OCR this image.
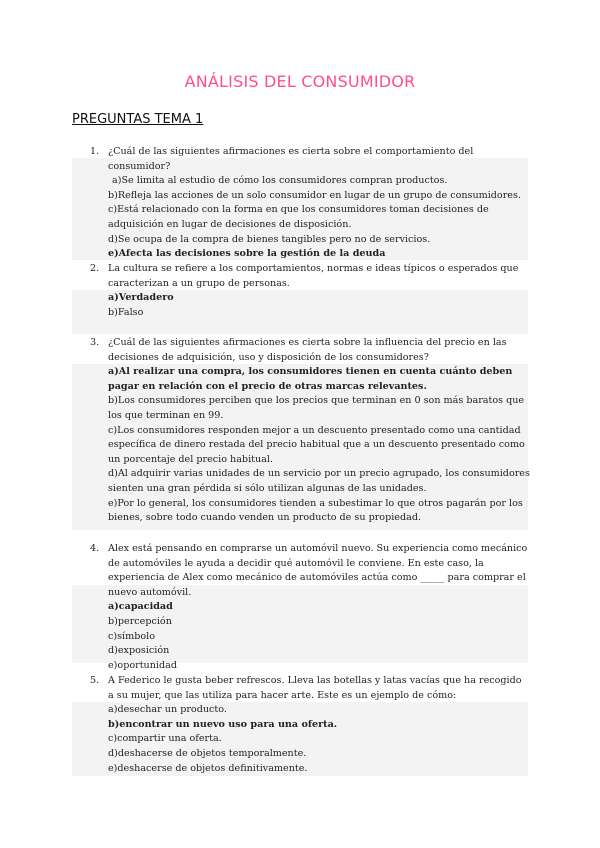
ANÁLISIS DEL CONSUMIDOR
PREGUNTAS TEMA 1
1. ¿Cuál de las siguientes afirmaciones es cierta sobre el comportamiento del consumidor?
a)Se limita al estudio de cómo los consumidores compran productos.
b)Refleja las acciones de un solo consumidor en lugar de un grupo de consumidores.
c)Está relacionado con la forma en que los consumidores toman decisiones de adquisición en lugar de decisiones de disposición.
d)Se ocupa de la compra de bienes tangibles pero no de servicios.
e)Afecta las decisiones sobre la gestión de la deuda
2. La cultura se refiere a los comportamientos, normas e ideas típicos o esperados que caracterizan a un grupo de personas.
a)Verdadero
b)Falso
3. ¿Cuál de las siguientes afirmaciones es cierta sobre la influencia del precio en las decisiones de adquisición, uso y disposición de los consumidores?
a)Al realizar una compra, los consumidores tienen en cuenta cuánto deben pagar en relación con el precio de otras marcas relevantes.
b)Los consumidores perciben que los precios que terminan en 0 son más baratos que los que terminan en 99.
c)Los consumidores responden mejor a un descuento presentado como una cantidad específica de dinero restada del precio habitual que a un descuento presentado como un porcentaje del precio habitual.
d)Al adquirir varias unidades de un servicio por un precio agrupado, los consumidores sienten una gran pérdida si sólo utilizan algunas de las unidades.
e)Por lo general, los consumidores tienden a subestimar lo que otros pagarán por los bienes, sobre todo cuando venden un producto de su propiedad.
4. Alex está pensando en comprarse un automóvil nuevo. Su experiencia como mecánico de automóviles le ayuda a decidir qué automóvil le conviene. En este caso, la experiencia de Alex como mecánico de automóviles actúa como _____ para comprar el nuevo automóvil.
a)capacidad
b)percepción
c)símbolo
d)exposición
e)oportunidad
5. A Federico le gusta beber refrescos. Lleva las botellas y latas vacías que ha recogido a su mujer, que las utiliza para hacer arte. Este es un ejemplo de cómo:
a)desechar un producto.
b)encontrar un nuevo uso para una oferta.
c)compartir una oferta.
d)deshacerse de objetos temporalmente.
e)deshacerse de objetos definitivamente.
